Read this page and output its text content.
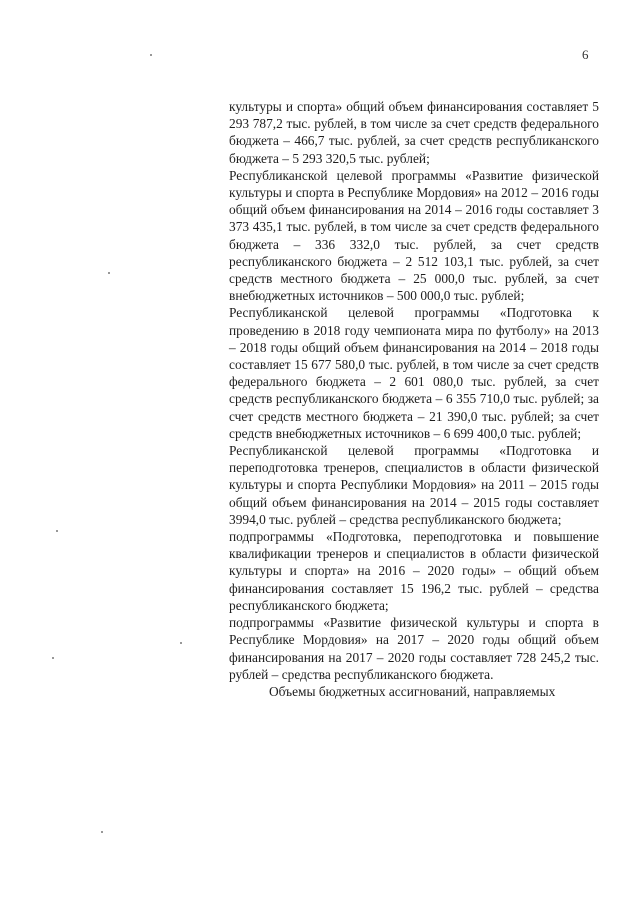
6

культуры и спорта» общий объем финансирования составляет 5 293 787,2 тыс. рублей, в том числе за счет средств федерального бюджета – 466,7 тыс. рублей, за счет средств республиканского бюджета – 5 293 320,5 тыс. рублей;

Республиканской целевой программы «Развитие физической культуры и спорта в Республике Мордовия» на 2012 – 2016 годы общий объем финансирования на 2014 – 2016 годы составляет 3 373 435,1 тыс. рублей, в том числе за счет средств федерального бюджета – 336 332,0 тыс. рублей, за счет средств республиканского бюджета – 2 512 103,1 тыс. рублей, за счет средств местного бюджета – 25 000,0 тыс. рублей, за счет внебюджетных источников – 500 000,0 тыс. рублей;

Республиканской целевой программы «Подготовка к проведению в 2018 году чемпионата мира по футболу» на 2013 – 2018 годы общий объем финансирования на 2014 – 2018 годы составляет 15 677 580,0 тыс. рублей, в том числе за счет средств федерального бюджета – 2 601 080,0 тыс. рублей, за счет средств республиканского бюджета – 6 355 710,0 тыс. рублей; за счет средств местного бюджета – 21 390,0 тыс. рублей; за счет средств внебюджетных источников – 6 699 400,0 тыс. рублей;

Республиканской целевой программы «Подготовка и переподготовка тренеров, специалистов в области физической культуры и спорта Республики Мордовия» на 2011 – 2015 годы общий объем финансирования на 2014 – 2015 годы составляет 3994,0 тыс. рублей – средства республиканского бюджета;

подпрограммы «Подготовка, переподготовка и повышение квалификации тренеров и специалистов в области физической культуры и спорта» на 2016 – 2020 годы» – общий объем финансирования составляет 15 196,2 тыс. рублей – средства республиканского бюджета;

подпрограммы «Развитие физической культуры и спорта в Республике Мордовия» на 2017 – 2020 годы общий объем финансирования на 2017 – 2020 годы составляет 728 245,2 тыс. рублей – средства республиканского бюджета.

Объемы бюджетных ассигнований, направляемых
